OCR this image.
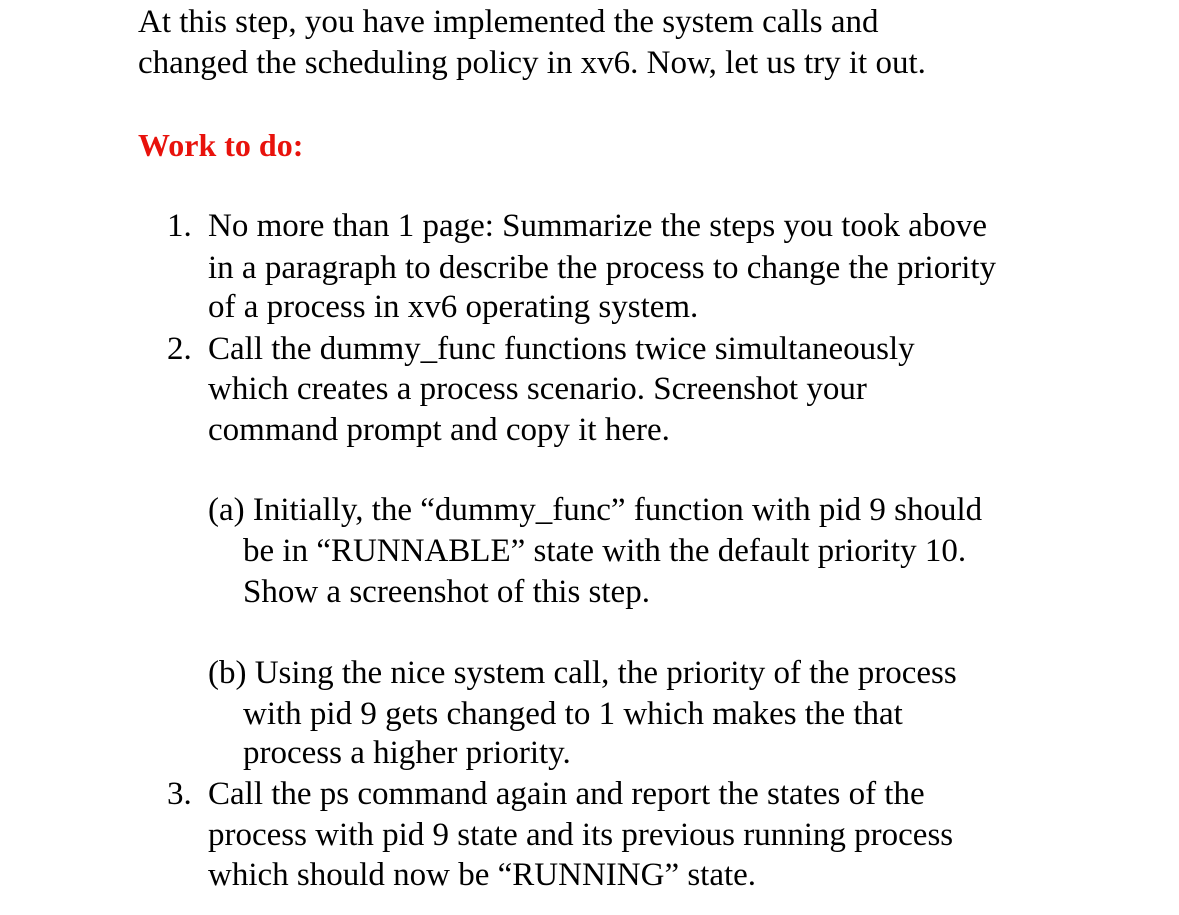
At this step, you have implemented the system calls and
changed the scheduling policy in xv6. Now, let us try it out.
Work to do:
1. No more than 1 page: Summarize the steps you took above
in a paragraph to describe the process to change the priority
of a process in xv6 operating system.
2. Call the dummy_func functions twice simultaneously
which creates a process scenario. Screenshot your
command prompt and copy it here.
(a) Initially, the “dummy_func” function with pid 9 should
be in “RUNNABLE” state with the default priority 10.
Show a screenshot of this step.
(b) Using the nice system call, the priority of the process
with pid 9 gets changed to 1 which makes the that
process a higher priority.
3. Call the ps command again and report the states of the
process with pid 9 state and its previous running process
which should now be “RUNNING” state.
